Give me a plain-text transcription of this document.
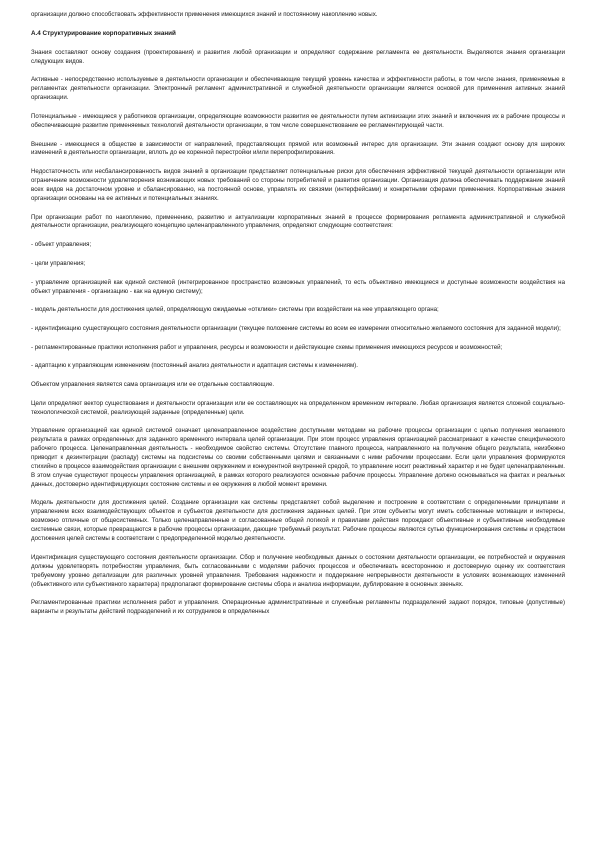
организации должно способствовать эффективности применения имеющихся знаний и постоянному накоплению новых.

А.4 Структурирование корпоративных знаний

Знания составляют основу создания (проектирования) и развития любой организации и определяют содержание регламента ее деятельности. Выделяются знания организации следующих видов.

Активные - непосредственно используемые в деятельности организации и обеспечивающие текущий уровень качества и эффективности работы, в том числе знания, применяемые в регламентах деятельности организации. Электронный регламент административной и служебной деятельности организации является основой для применения активных знаний организации.

Потенциальные - имеющиеся у работников организации, определяющие возможности развития ее деятельности путем активизации этих знаний и включения их в рабочие процессы и обеспечивающие развитие применяемых технологий деятельности организации, в том числе совершенствование ее регламентирующей части.

Внешние - имеющиеся в обществе в зависимости от направлений, представляющих прямой или возможный интерес для организации. Эти знания создают основу для широких изменений в деятельности организации, вплоть до ее коренной перестройки и/или перепрофилирования.

Недостаточность или несбалансированность видов знаний в организации представляет потенциальные риски для обеспечения эффективной текущей деятельности организации или ограничение возможности удовлетворения возникающих новых требований со стороны потребителей и развития организации. Организация должна обеспечивать поддержание знаний всех видов на достаточном уровне и сбалансированно, на постоянной основе, управлять их связями (интерфейсами) и конкретными сферами применения. Корпоративные знания организации основаны на ее активных и потенциальных знаниях.

При организации работ по накоплению, применению, развитию и актуализации корпоративных знаний в процессе формирования регламента административной и служебной деятельности организации, реализующего концепцию целенаправленного управления, определяют следующие соответствия:

- объект управления;

- цели управления;

- управление организацией как единой системой (интегрированное пространство возможных управлений, то есть объективно имеющиеся и доступные возможности воздействия на объект управления - организацию - как на единую систему);

- модель деятельности для достижения целей, определяющую ожидаемые «отклики» системы при воздействии на нее управляющего органа;

- идентификацию существующего состояния деятельности организации (текущее положение системы во всем ее измерении относительно желаемого состояния для заданной модели);

- регламентированные практики исполнения работ и управления, ресурсы и возможности и действующие схемы применения имеющихся ресурсов и возможностей;

- адаптацию к управляющим изменениям (постоянный анализ деятельности и адаптация системы к изменениям).

Объектом управления является сама организация или ее отдельные составляющие.

Цели определяют вектор существования и деятельности организации или ее составляющих на определенном временном интервале. Любая организация является сложной социально-технологической системой, реализующей заданные (определенные) цели.

Управление организацией как единой системой означает целенаправленное воздействие доступными методами на рабочие процессы организации с целью получения желаемого результата в рамках определенных для заданного временного интервала целей организации. При этом процесс управления организацией рассматривают в качестве специфического рабочего процесса. Целенаправленная деятельность - необходимое свойство системы. Отсутствие главного процесса, направленного на получение общего результата, неизбежно приводит к дезинтеграции (распаду) системы на подсистемы со своими собственными целями и связанными с ними рабочими процессами. Если цели управления формируются стихийно в процессе взаимодействия организации с внешним окружением и конкурентной внутренней средой, то управление носит реактивный характер и не будет целенаправленным. В этом случае существуют процессы управления организацией, в рамках которого реализуются основные рабочие процессы. Управление должно основываться на фактах и реальных данных, достоверно идентифицирующих состояние системы и ее окружения в любой момент времени.

Модель деятельности для достижения целей. Создание организации как системы представляет собой выделение и построение в соответствии с определенными принципами и управлением всех взаимодействующих объектов и субъектов деятельности для достижения заданных целей. При этом субъекты могут иметь собственные мотивации и интересы, возможно отличные от общесистемных. Только целенаправленные и согласованные общей логикой и правилами действия порождают объективные и субъективные необходимые системные связи, которые превращаются в рабочие процессы организации, дающие требуемый результат. Рабочие процессы являются сутью функционирования системы и средством достижения целей системы в соответствии с предопределенной моделью деятельности.

Идентификация существующего состояния деятельности организации. Сбор и получение необходимых данных о состоянии деятельности организации, ее потребностей и окружения должны удовлетворять потребностям управления, быть согласованными с моделями рабочих процессов и обеспечивать всестороннюю и достоверную оценку их соответствия требуемому уровню детализации для различных уровней управления. Требования надежности и поддержание непрерывности деятельности в условиях возникающих изменений (объективного или субъективного характера) предполагают формирование системы сбора и анализа информации, дублирование в основных звеньях.

Регламентированные практики исполнения работ и управления. Операционные административные и служебные регламенты подразделений задают порядок, типовые (допустимые) варианты и результаты действий подразделений и их сотрудников в определенных
